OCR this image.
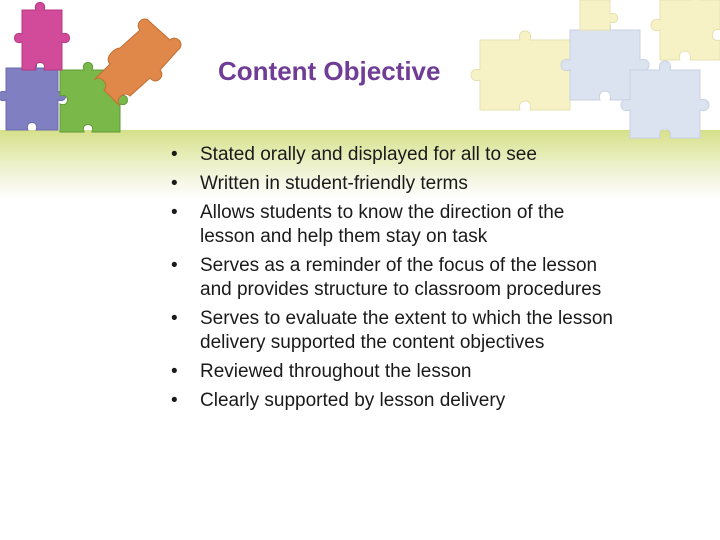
Content Objective
• Stated orally and displayed for all to see
• Written in student-friendly terms
• Allows students to know the direction of the lesson and help them stay on task
• Serves as a reminder of the focus of the lesson and provides structure to classroom procedures
• Serves to evaluate the extent to which the lesson delivery supported the content objectives
• Reviewed throughout the lesson
• Clearly supported by lesson delivery
